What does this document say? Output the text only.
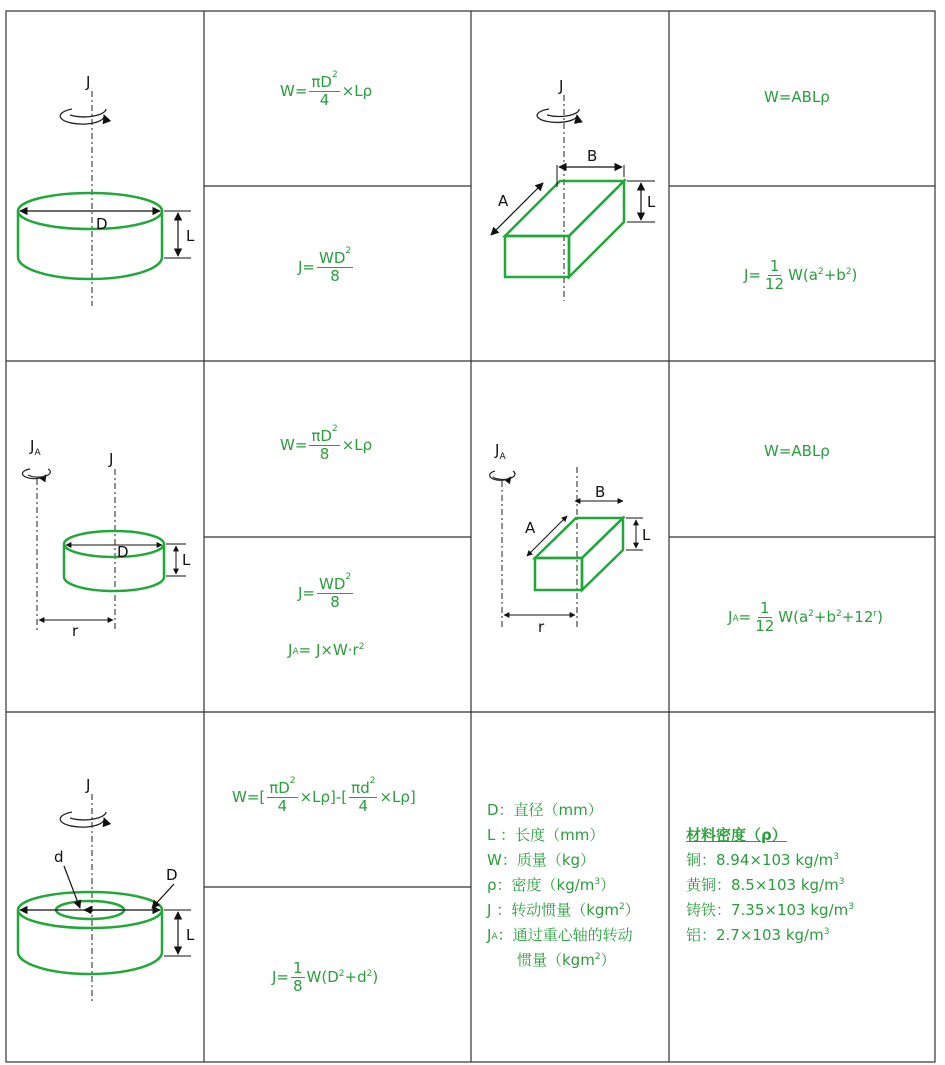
J
D
L
J
B
L
A
$J_A$	J
D	L
r
$J_A$
B
L
A
r
J
d
D
L
$W= \frac{\pi D^2}{4} \times L\rho$
$J= \frac{WD^2}{8}$
W=ABLρ
$J= \frac{1}{12} W(a^2 +b^2$ )
$W= \frac{\pi D^2}{8} \times L\rho$
$J= \frac{WD^2}{8}$
$J_A = J\times W\cdot r^2$
W=ABLρ
$J_A = \frac{1}{12} W(a^2 +b^2 +12^r$ )
$W=[ \frac{\pi D^2}{4} \times L\rho]-[ \frac{\pi d^2}{4} \times L\rho]$
$J= \frac{1}{8} W(D^2 +d^2$ )
D：直径（mm）
L ：长度（mm）
W：质量（kg）
ρ：密度$(kg/m^3)$
J ：转动惯量（kgm$^2$）
$J_A$：通过重心轴的转动
惯量（kgm$^2$）
材料密度（ρ）
铜：8.94×103 $kg/m^3$
黄铜：8.5×103 $kg/m^3$
铸铁：7.35×103 $kg/m^3$
铝：2.7×103 $kg/m^3$
